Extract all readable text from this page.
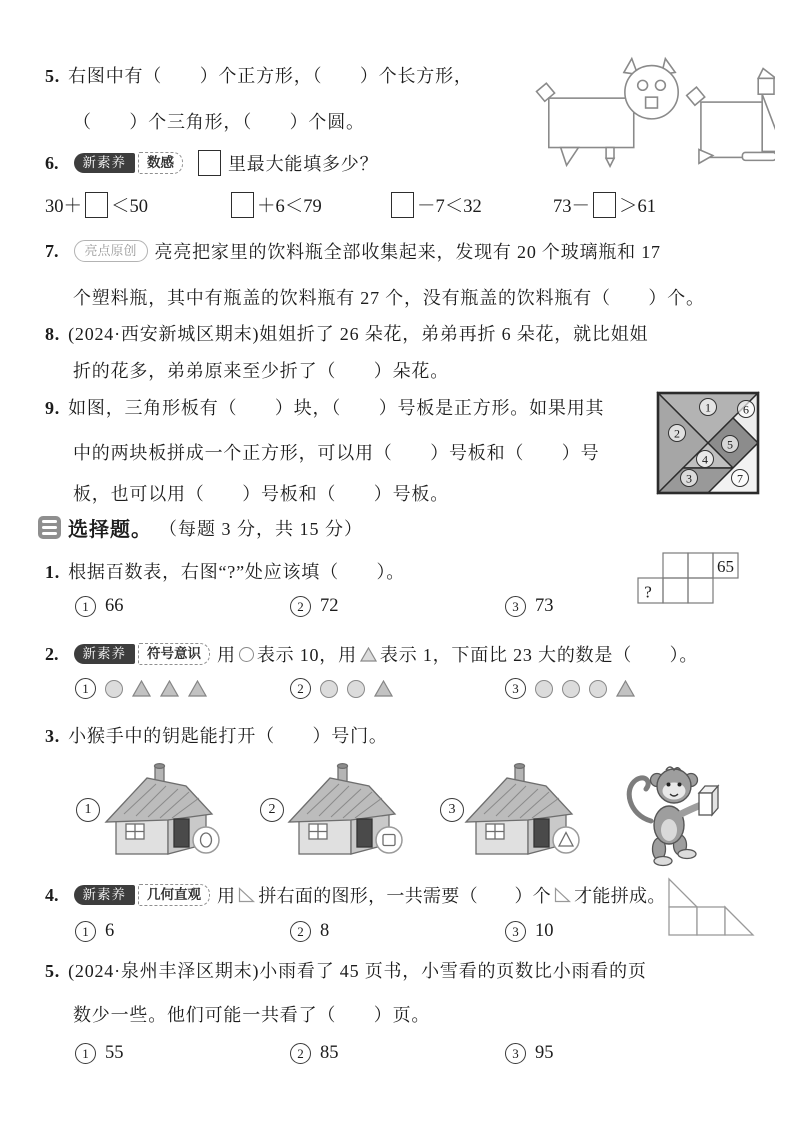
5. 右图中有（　　）个正方形，（　　）个长方形，
（　　）个三角形，（　　）个圆。
6.	新素养	数感	里最大能填多少？
30＋ ＜50	＋6＜79	－7＜32	73－ ＞61
7.	亮点原创	亮亮把家里的饮料瓶全部收集起来，发现有 20 个玻璃瓶和 17
个塑料瓶，其中有瓶盖的饮料瓶有 27 个，没有瓶盖的饮料瓶有（　　）个。
8. (2024·西安新城区期末)姐姐折了 26 朵花，弟弟再折 6 朵花，就比姐姐
折的花多，弟弟原来至少折了（　　）朵花。
9. 如图，三角形板有（　　）块，（　　）号板是正方形。如果用其
中的两块板拼成一个正方形，可以用（　　）号板和（　　）号
板，也可以用（　　）号板和（　　）号板。
1
2
3
4
5
6
7
选择题。 （每题 3 分，共 15 分）
1. 根据百数表，右图“?”处应该填（　　）。	65
?
1 66	2 72	3 73
2.	新素养	符号意识 用 表示 10，用 表示 1，下面比 23 大的数是（　　）。
1	2	3
3. 小猴手中的钥匙能打开（　　）号门。
1	2	3
4.	新素养	几何直观 用 拼右面的图形，一共需要（　　）个 才能拼成。
1 6	2 8	3 10
5. (2024·泉州丰泽区期末)小雨看了 45 页书，小雪看的页数比小雨看的页
数少一些。他们可能一共看了（　　）页。
1 55	2 85	3 95
